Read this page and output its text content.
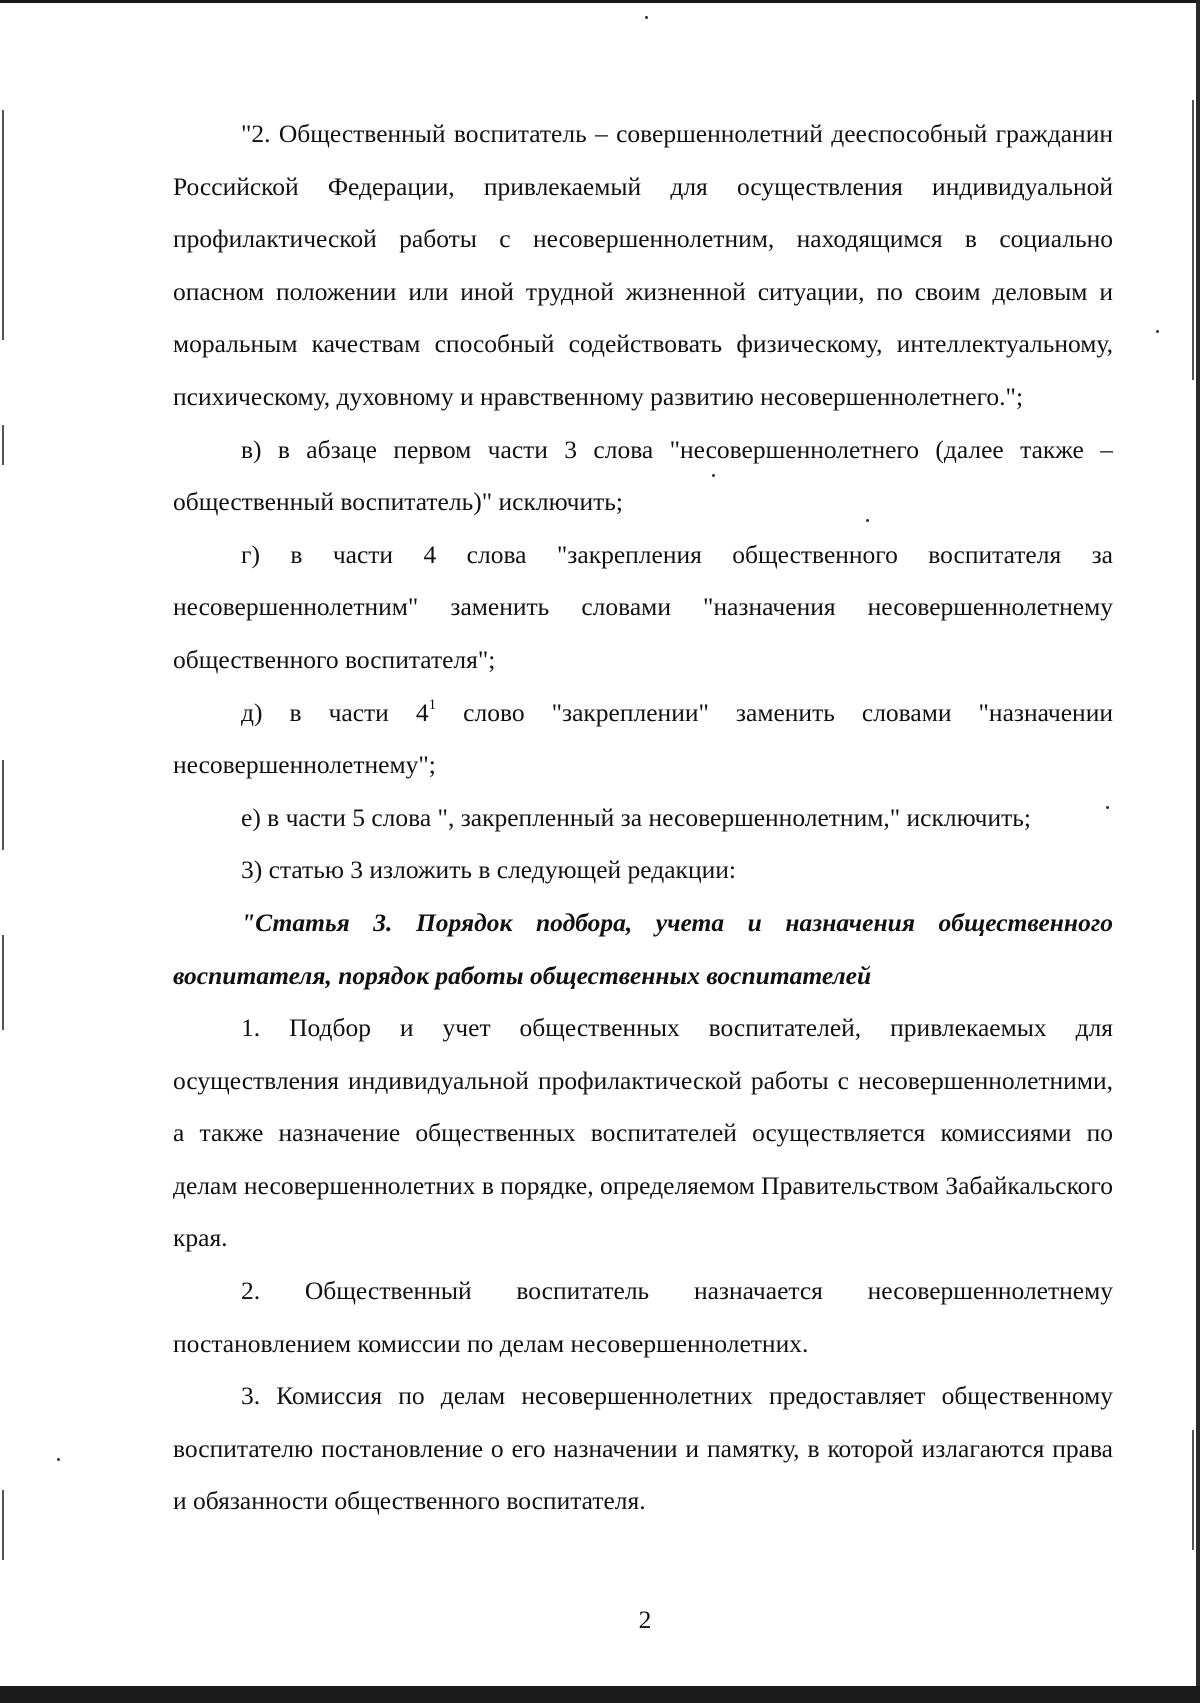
"2. Общественный воспитатель – совершеннолетний дееспособный гражданин Российской Федерации, привлекаемый для осуществления индивидуальной профилактической работы с несовершеннолетним, находящимся в социально опасном положении или иной трудной жизненной ситуации, по своим деловым и моральным качествам способный содействовать физическому, интеллектуальному, психическому, духовному и нравственному развитию несовершеннолетнего.";

в) в абзаце первом части 3 слова "несовершеннолетнего (далее также – общественный воспитатель)" исключить;

г) в части 4 слова "закрепления общественного воспитателя за несовершеннолетним" заменить словами "назначения несовершеннолетнему общественного воспитателя";

д) в части $4^1$ слово "закреплении" заменить словами "назначении несовершеннолетнему";

е) в части 5 слова ", закрепленный за несовершеннолетним," исключить;

3) статью 3 изложить в следующей редакции:

"Статья 3. Порядок подбора, учета и назначения общественного воспитателя, порядок работы общественных воспитателей

1. Подбор и учет общественных воспитателей, привлекаемых для осуществления индивидуальной профилактической работы с несовершеннолетними, а также назначение общественных воспитателей осуществляется комиссиями по делам несовершеннолетних в порядке, определяемом Правительством Забайкальского края.

2. Общественный воспитатель назначается несовершеннолетнему постановлением комиссии по делам несовершеннолетних.

3. Комиссия по делам несовершеннолетних предоставляет общественному воспитателю постановление о его назначении и памятку, в которой излагаются права и обязанности общественного воспитателя.

2
